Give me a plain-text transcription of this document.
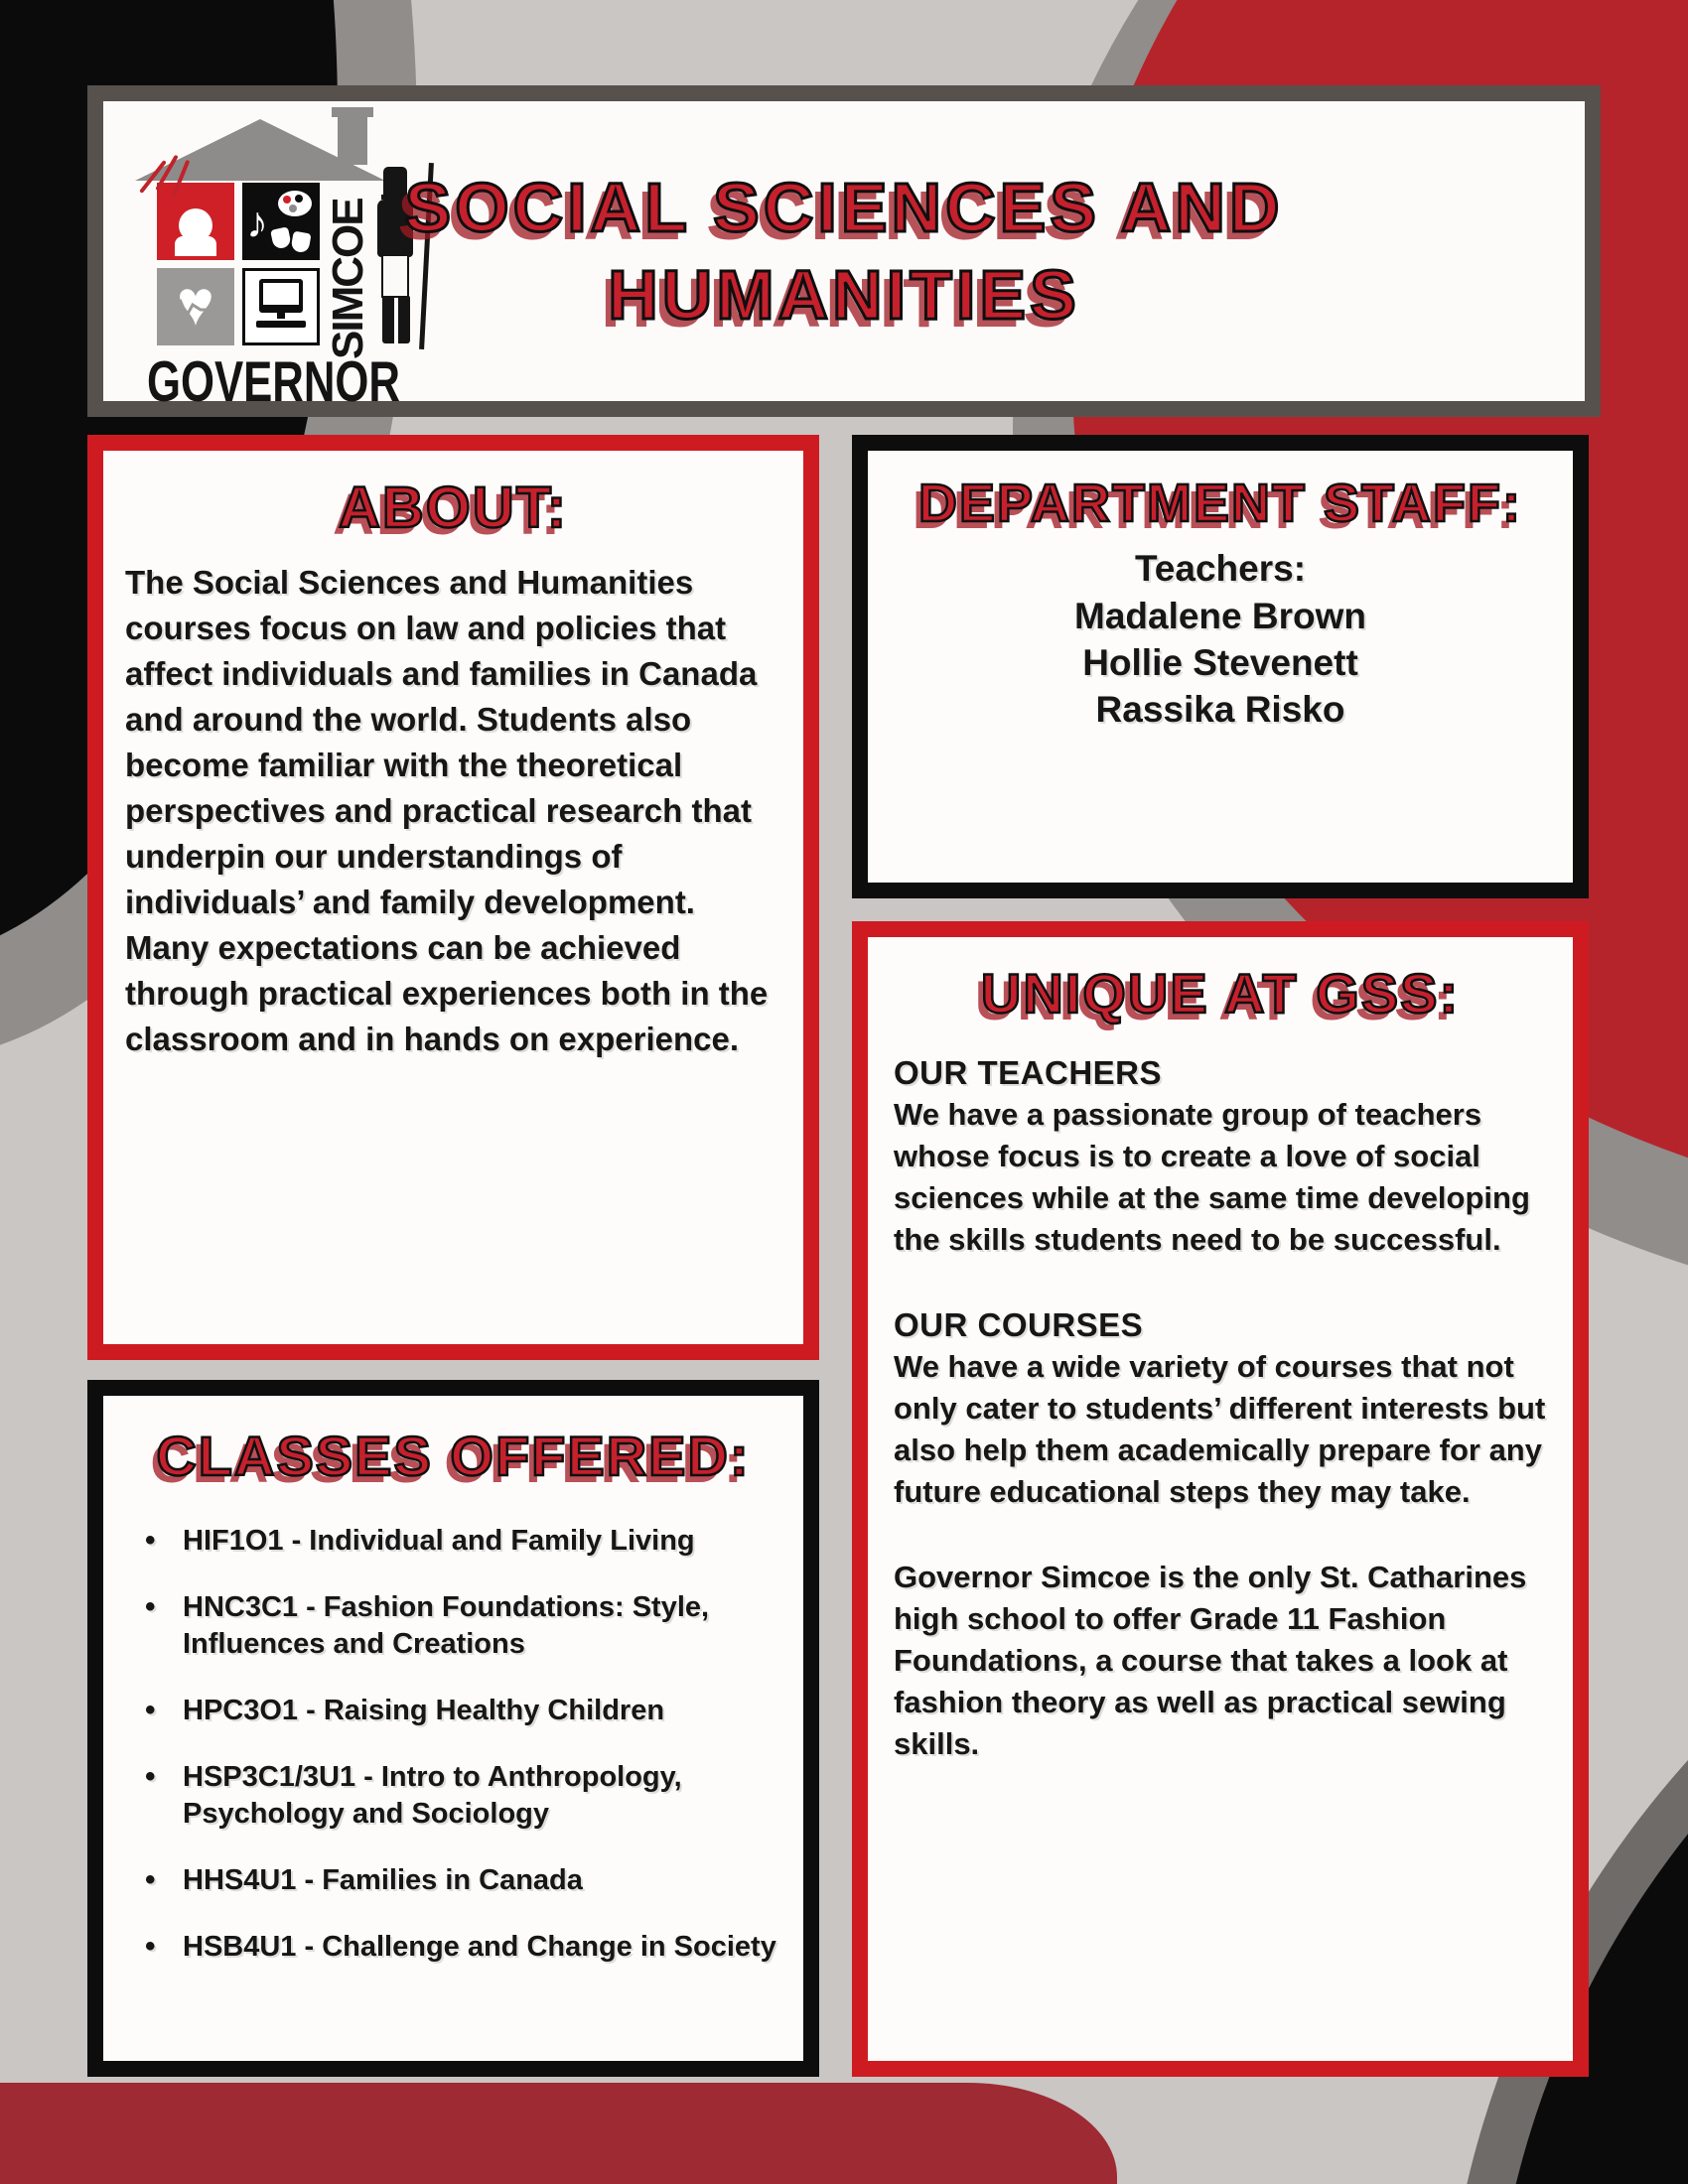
♪
♥	SIMCOE
GOVERNOR
SOCIAL SCIENCES AND
HUMANITIES
ABOUT:

The Social Sciences and Humanities courses focus on law and policies that affect individuals and families in Canada and around the world. Students also become familiar with the theoretical perspectives and practical research that underpin our understandings of individuals’ and family development. Many expectations can be achieved through practical experiences both in the classroom and in hands on experience.

DEPARTMENT STAFF:
Teachers:
Madalene Brown
Hollie Stevenett
Rassika Risko
UNIQUE AT GSS:
OUR TEACHERS
We have a passionate group of teachers whose focus is to create a love of social sciences while at the same time developing the skills students need to be successful.
OUR COURSES
We have a wide variety of courses that not only cater to students’ different interests but also help them academically prepare for any future educational steps they may take.
Governor Simcoe is the only St. Catharines high school to offer Grade 11 Fashion Foundations, a course that takes a look at fashion theory as well as practical sewing skills.
CLASSES OFFERED:
• HIF1O1 - Individual and Family Living
• HNC3C1 - Fashion Foundations: Style, Influences and Creations
• HPC3O1 - Raising Healthy Children
• HSP3C1/3U1 - Intro to Anthropology, Psychology and Sociology
• HHS4U1 - Families in Canada
• HSB4U1 - Challenge and Change in Society
